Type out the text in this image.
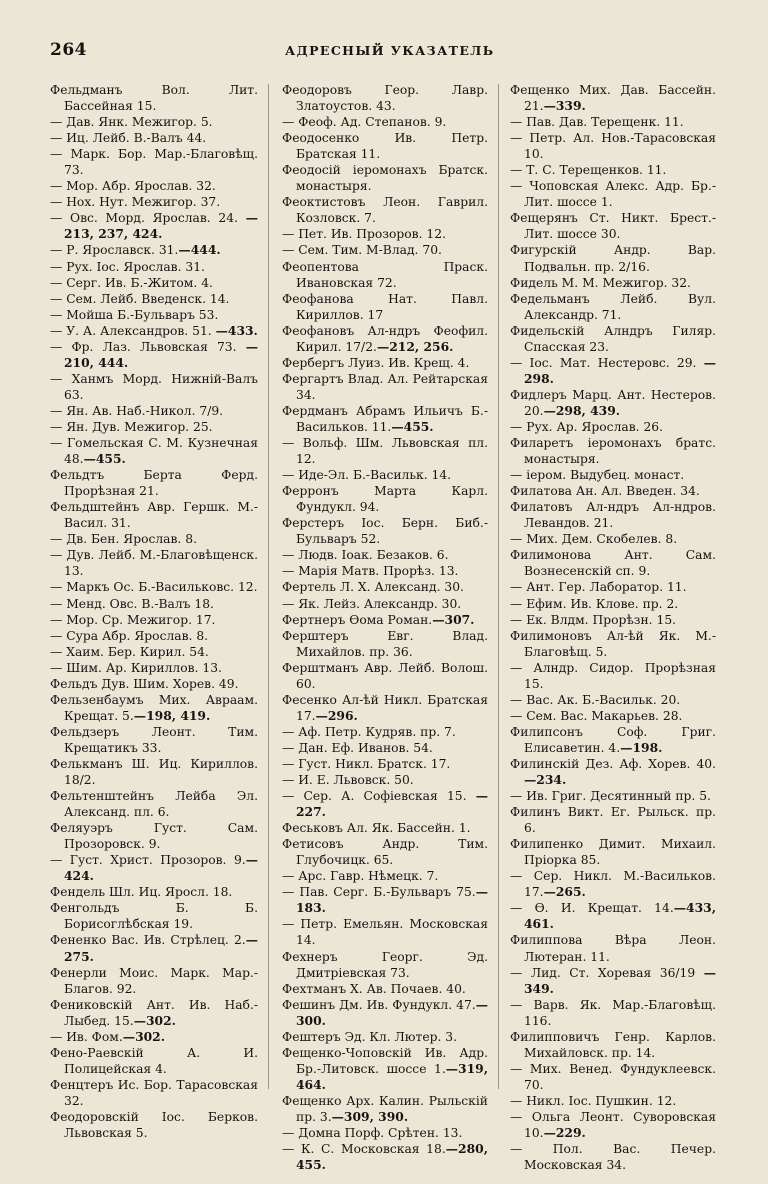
264	АДРЕСНЫЙ УКАЗАТЕЛЬ
Фельдманъ Вол. Лит. Бассейная 15.
— Дав. Янк. Межигор. 5.
— Иц. Лейб. В.-Валъ 44.
— Марк. Бор. Мар.-Благовѣщ. 73.
— Мор. Абр. Ярослав. 32.
— Нох. Нут. Межигор. 37.
— Овс. Морд. Ярослав. 24. —213, 237, 424.
— Р. Ярославск. 31.—444.
— Рух. Іос. Ярослав. 31.
— Серг. Ив. Б.-Житом. 4.
— Сем. Лейб. Введенск. 14.
— Мойша Б.-Бульваръ 53.
— У. А. Александров. 51. —433.
— Фр. Лаз. Львовская 73. —210, 444.
— Ханмъ Морд. Нижній-Валъ 63.
— Ян. Ав. Наб.-Никол. 7/9.
— Ян. Дув. Межигор. 25.
— Гомельская С. М. Кузнечная 48.—455.
Фельдтъ Берта Ферд. Прорѣзная 21.
Фельдштейнъ Авр. Гершк. М.-Васил. 31.
— Дв. Бен. Ярослав. 8.
— Дув. Лейб. М.-Благовѣщенск. 13.
— Маркъ Ос. Б.-Васильковс. 12.
— Менд. Овс. В.-Валъ 18.
— Мор. Ср. Межигор. 17.
— Сура Абр. Ярослав. 8.
— Хаим. Бер. Кирил. 54.
— Шим. Ар. Кириллов. 13.
Фельдъ Дув. Шим. Хорев. 49.
Фельзенбаумъ Мих. Авраам. Крещат. 5.—198, 419.
Фельдзеръ Леонт. Тим. Крещатикъ 33.
Фелькманъ Ш. Иц. Кириллов. 18/2.
Фельтенштейнъ Лейба Эл. Александ. пл. 6.
Феляуэръ Густ. Сам. Прозоровск. 9.
— Густ. Христ. Прозоров. 9.—424.
Фендель Шл. Иц. Яросл. 18.
Фенгольдъ Б. Б. Борисоглѣбская 19.
Фененко Вас. Ив. Стрѣлец. 2.—275.
Фенерли Моис. Марк. Мар.-Благов. 92.
Фениковскій Ант. Ив. Наб.-Лыбед. 15.—302.
— Ив. Фом.—302.
Фено-Раевскій А. И. Полицейская 4.
Фенцтеръ Ис. Бор. Тарасовская 32.
Феодоровскій Іос. Берков. Львовская 5.
Феодоровъ Геор. Лавр. Златоустов. 43.
— Феоф. Ад. Степанов. 9.
Феодосенко Ив. Петр. Братская 11.
Феодосій іеромонахъ Братск. монастыря.
Феоктистовъ Леон. Гаврил. Козловск. 7.
— Пет. Ив. Прозоров. 12.
— Сем. Тим. М-Влад. 70.
Феопентова Праск. Ивановская 72.
Феофанова Нат. Павл. Кириллов. 17
Феофановъ Ал-ндръ Феофил. Кирил. 17/2.—212, 256.
Фербергъ Луиз. Ив. Крещ. 4.
Фергартъ Влад. Ал. Рейтарская 34.
Фердманъ Абрамъ Ильичъ Б.-Васильков. 11.—455.
— Вольф. Шм. Львовская пл. 12.
— Иде-Эл. Б.-Васильк. 14.
Ферронъ Марта Карл. Фундукл. 94.
Ферстеръ Іос. Берн. Биб.-Бульваръ 52.
— Людв. Іоак. Безаков. 6.
— Марія Матв. Прорѣз. 13.
Фертель Л. Х. Александ. 30.
— Як. Лейз. Александр. 30.
Фертнеръ Ѳома Роман.—307.
Ферштеръ Евг. Влад. Михайлов. пр. 36.
Ферштманъ Авр. Лейб. Волош. 60.
Фесенко Ал-ѣй Никл. Братская 17.—296.
— Аф. Петр. Кудряв. пр. 7.
— Дан. Еф. Иванов. 54.
— Густ. Никл. Братск. 17.
— И. Е. Львовск. 50.
— Сер. А. Софіевская 15. —227.
Феськовъ Ал. Як. Бассейн. 1.
Фетисовъ Андр. Тим. Глубочицк. 65.
— Арс. Гавр. Нѣмецк. 7.
— Пав. Серг. Б.-Бульваръ 75.—183.
— Петр. Емельян. Московская 14.
Фехнеръ Георг. Эд. Дмитрiевская 73.
Фехтманъ Х. Ав. Почаев. 40.
Фешинъ Дм. Ив. Фундукл. 47.—300.
Фештеръ Эд. Кл. Лютер. 3.
Фещенко-Чоповскій Ив. Адр. Бр.-Литовск. шоссе 1.—319, 464.
Фещенко Арх. Калин. Рыльскій пр. 3.—309, 390.
— Домна Порф. Срѣтен. 13.
— К. С. Московская 18.—280, 455.
Фещенко Мих. Дав. Бассейн. 21.—339.
— Пав. Дав. Терещенк. 11.
— Петр. Ал. Нов.-Тарасовская 10.
— Т. С. Терещенков. 11.
— Чоповская Алекс. Адр. Бр.-Лит. шоссе 1.
Фещерянъ Ст. Никт. Брест.-Лит. шоссе 30.
Фигурскій Андр. Вар. Подвальн. пр. 2/16.
Фидель М. М. Межигор. 32.
Федельманъ Лейб. Вул. Александр. 71.
Фидельскій Алндръ Гиляр. Спасская 23.
— Іос. Мат. Нестеровс. 29. —298.
Фидлеръ Марц. Ант. Нестеров. 20.—298, 439.
— Рух. Ар. Ярослав. 26.
Филаретъ іеромонахъ братс. монастыря.
— іером. Выдубец. монаст.
Филатова Ан. Ал. Введен. 34.
Филатовъ Ал-ндръ Ал-ндров. Левандов. 21.
— Мих. Дем. Скобелев. 8.
Филимонова Ант. Сам. Вознесенскій сп. 9.
— Ант. Гер. Лаборатор. 11.
— Ефим. Ив. Клове. пр. 2.
— Ек. Влдм. Прорѣзн. 15.
Филимоновъ Ал-ѣй Як. М.-Благовѣщ. 5.
— Алндр. Сидор. Прорѣзная 15.
— Вас. Ак. Б.-Васильк. 20.
— Сем. Вас. Макарьев. 28.
Филипсонъ Соф. Григ. Елисаветин. 4.—198.
Филинскій Дез. Аф. Хорев. 40.—234.
— Ив. Григ. Десятинный пр. 5.
Филинъ Викт. Ег. Рыльск. пр. 6.
Филипенко Димит. Михаил. Пріорка 85.
— Сер. Никл. М.-Васильков. 17.—265.
— Ѳ. И. Крещат. 14.—433, 461.
Филиппова Вѣра Леон. Лютеран. 11.
— Лид. Ст. Хоревая 36/19 —349.
— Варв. Як. Мар.-Благовѣщ. 116.
Филипповичъ Генр. Карлов. Михайловск. пр. 14.
— Мих. Венед. Фундуклеевск. 70.
— Никл. Іос. Пушкин. 12.
— Ольга Леонт. Суворовская 10.—229.
— Пол. Вас. Печер. Московская 34.
